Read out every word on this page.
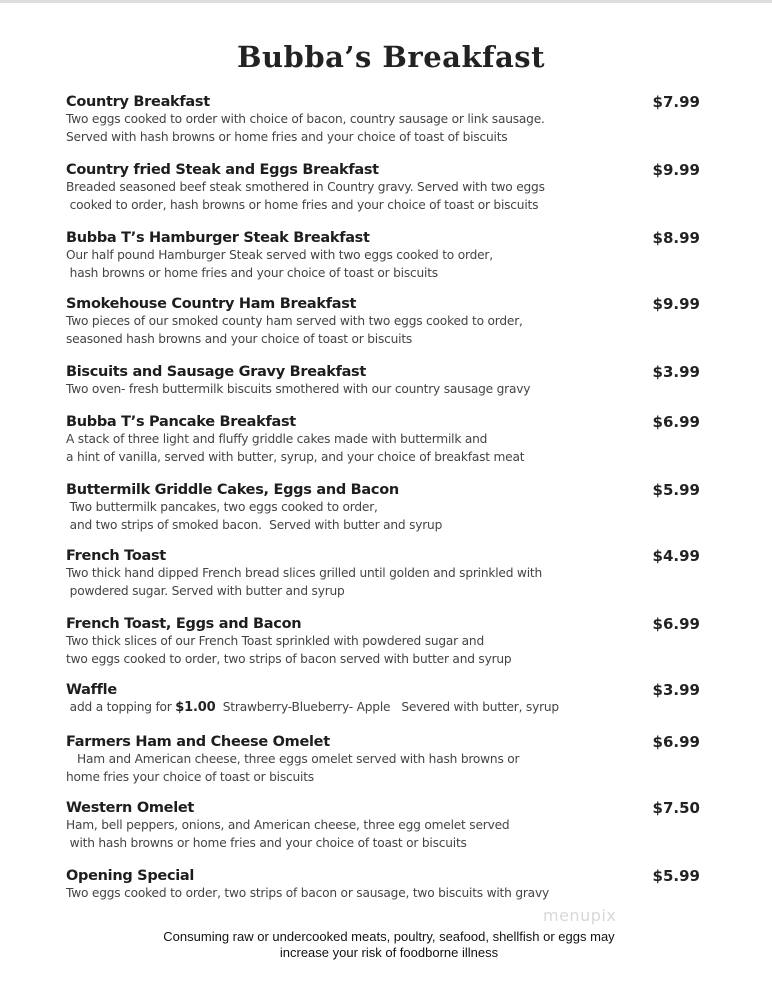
Bubba’s Breakfast
Country Breakfast	$7.99
Two eggs cooked to order with choice of bacon, country sausage or link sausage.
Served with hash browns or home fries and your choice of toast of biscuits
Country fried Steak and Eggs Breakfast	$9.99
Breaded seasoned beef steak smothered in Country gravy. Served with two eggs
cooked to order, hash browns or home fries and your choice of toast or biscuits
Bubba T’s Hamburger Steak Breakfast	$8.99
Our half pound Hamburger Steak served with two eggs cooked to order,
hash browns or home fries and your choice of toast or biscuits
Smokehouse Country Ham Breakfast	$9.99
Two pieces of our smoked county ham served with two eggs cooked to order,
seasoned hash browns and your choice of toast or biscuits
Biscuits and Sausage Gravy Breakfast	$3.99
Two oven- fresh buttermilk biscuits smothered with our country sausage gravy
Bubba T’s Pancake Breakfast	$6.99
A stack of three light and fluffy griddle cakes made with buttermilk and
a hint of vanilla, served with butter, syrup, and your choice of breakfast meat
Buttermilk Griddle Cakes, Eggs and Bacon	$5.99
Two buttermilk pancakes, two eggs cooked to order,
and two strips of smoked bacon.  Served with butter and syrup
French Toast	$4.99
Two thick hand dipped French bread slices grilled until golden and sprinkled with
powdered sugar. Served with butter and syrup
French Toast, Eggs and Bacon	$6.99
Two thick slices of our French Toast sprinkled with powdered sugar and
two eggs cooked to order, two strips of bacon served with butter and syrup
Waffle	$3.99
add a topping for $1.00  Strawberry-Blueberry- Apple   Severed with butter, syrup
Farmers Ham and Cheese Omelet	$6.99
Ham and American cheese, three eggs omelet served with hash browns or
home fries your choice of toast or biscuits
Western Omelet	$7.50
Ham, bell peppers, onions, and American cheese, three egg omelet served
with hash browns or home fries and your choice of toast or biscuits
Opening Special	$5.99
Two eggs cooked to order, two strips of bacon or sausage, two biscuits with gravy
Consuming raw or undercooked meats, poultry, seafood, shellfish or eggs may
increase your risk of foodborne illness
menupix
